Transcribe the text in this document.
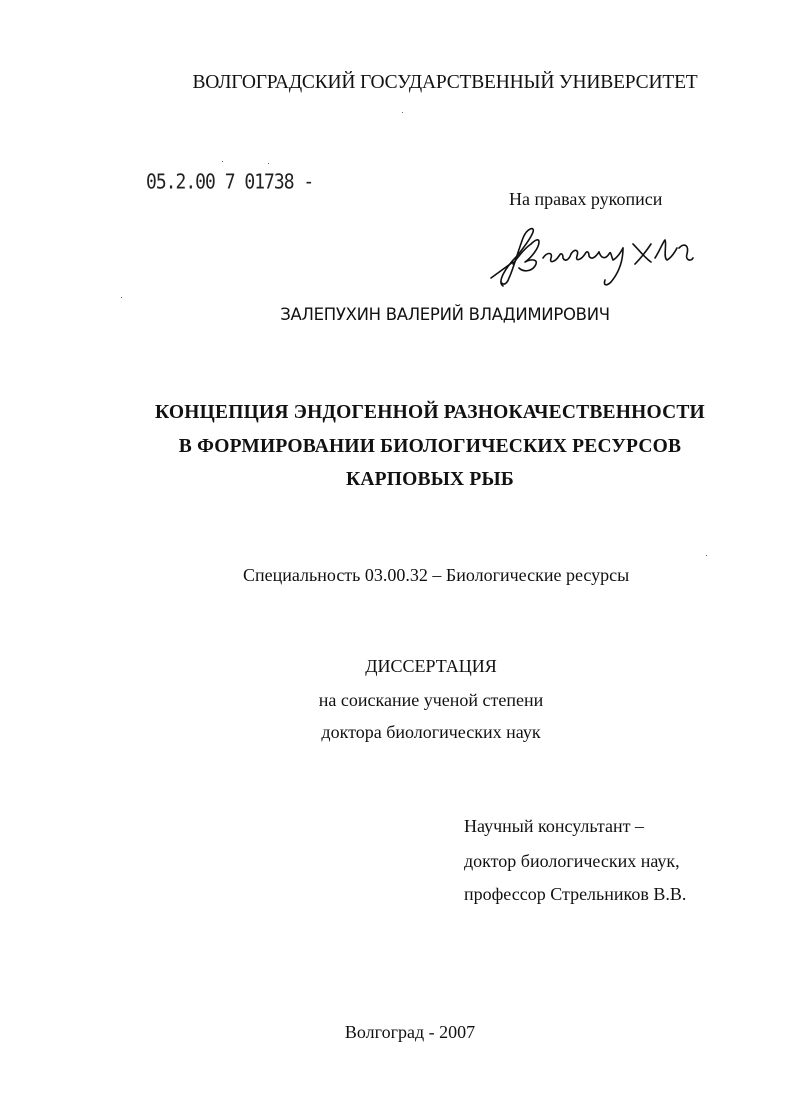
ВОЛГОГРАДСКИЙ ГОСУДАРСТВЕННЫЙ УНИВЕРСИТЕТ
05.2.00 7 01738 -
На правах рукописи
ЗАЛЕПУХИН ВАЛЕРИЙ ВЛАДИМИРОВИЧ
КОНЦЕПЦИЯ ЭНДОГЕННОЙ РАЗНОКАЧЕСТВЕННОСТИ
В ФОРМИРОВАНИИ БИОЛОГИЧЕСКИХ РЕСУРСОВ
КАРПОВЫХ РЫБ
Специальность 03.00.32 – Биологические ресурсы
ДИССЕРТАЦИЯ
на соискание ученой степени
доктора биологических наук
Научный консультант –
доктор биологических наук,
профессор Стрельников В.В.
Волгоград - 2007
